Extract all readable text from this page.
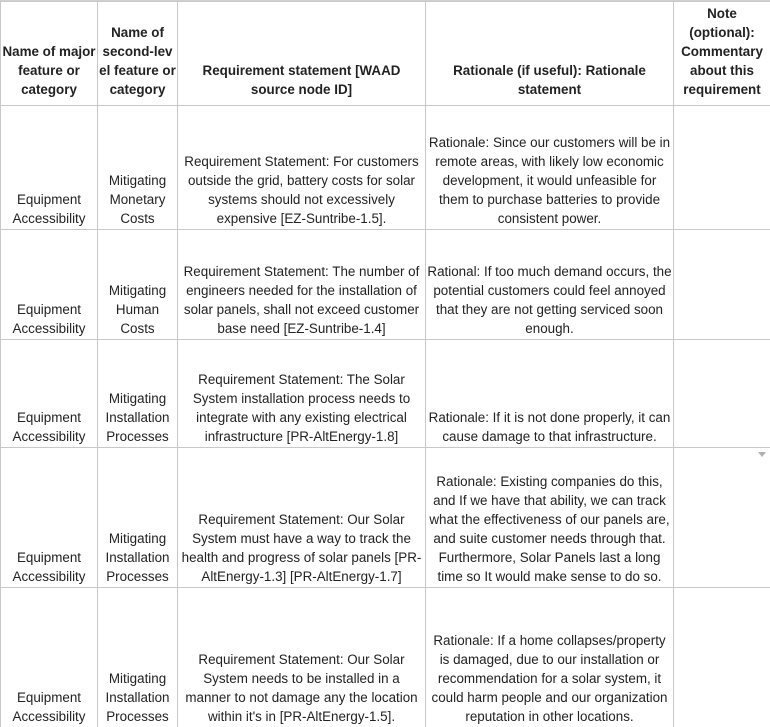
Name of major feature or category	Name of second-lev el feature or category	Requirement statement [WAAD source node ID]	Rationale (if useful): Rationale statement	Note (optional): Commentary about this requirement
Equipment Accessibility	Mitigating Monetary Costs	Requirement Statement: For customers outside the grid, battery costs for solar systems should not excessively expensive [EZ-Suntribe-1.5].	Rationale: Since our customers will be in remote areas, with likely low economic development, it would unfeasible for them to purchase batteries to provide consistent power.	
Equipment Accessibility	Mitigating Human Costs	Requirement Statement: The number of engineers needed for the installation of solar panels, shall not exceed customer base need [EZ-Suntribe-1.4]	Rational: If too much demand occurs, the potential customers could feel annoyed that they are not getting serviced soon enough.	
Equipment Accessibility	Mitigating Installation Processes	Requirement Statement: The Solar System installation process needs to integrate with any existing electrical infrastructure [PR-AltEnergy-1.8]	Rationale: If it is not done properly, it can cause damage to that infrastructure.	
Equipment Accessibility	Mitigating Installation Processes	Requirement Statement: Our Solar System must have a way to track the health and progress of solar panels [PR-AltEnergy-1.3] [PR-AltEnergy-1.7]	Rationale: Existing companies do this, and If we have that ability, we can track what the effectiveness of our panels are, and suite customer needs through that. Furthermore, Solar Panels last a long time so It would make sense to do so.	

Equipment Accessibility	Mitigating Installation Processes	Requirement Statement: Our Solar System needs to be installed in a manner to not damage any the location within it's in [PR-AltEnergy-1.5].	Rationale: If a home collapses/property is damaged, due to our installation or recommendation for a solar system, it could harm people and our organization reputation in other locations.	
